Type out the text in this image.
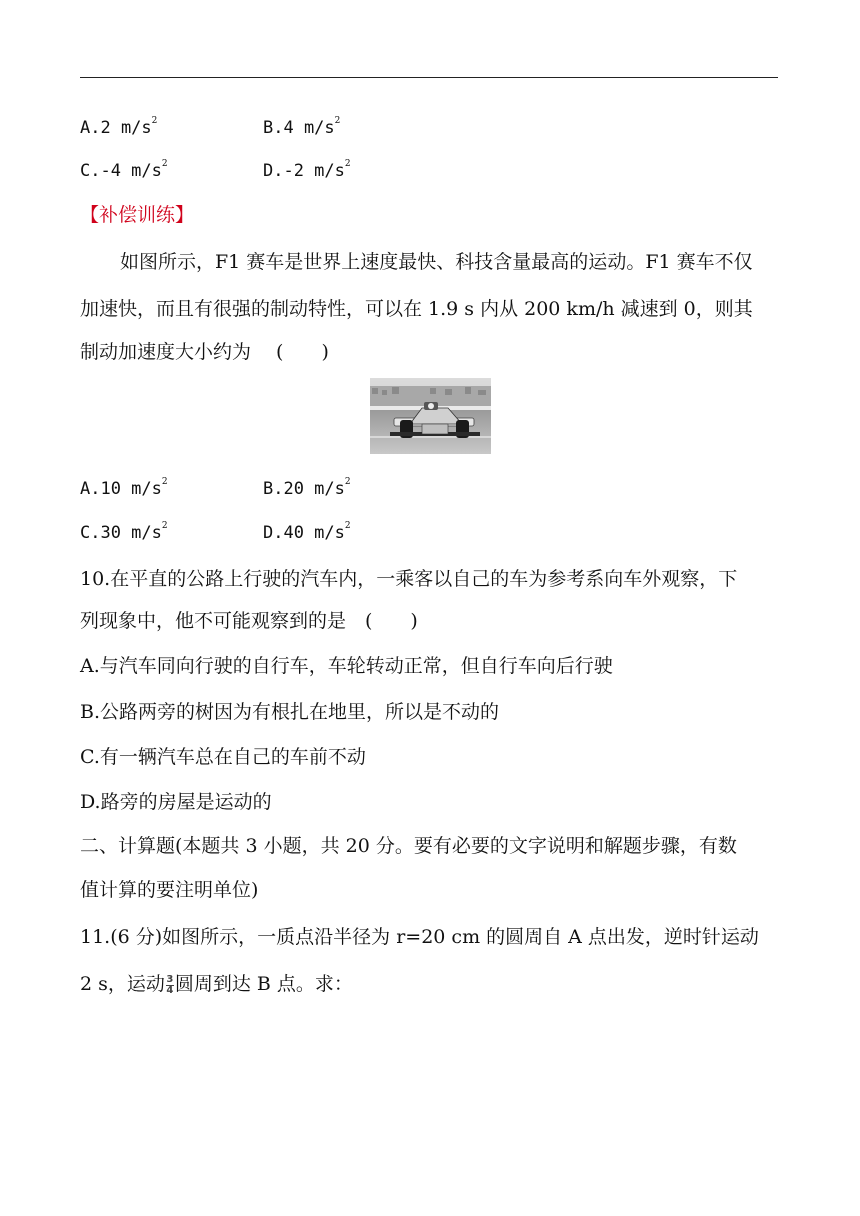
A.2 $m/s^2$	B.4 $m/s^2$
C.-4 $m/s^2$	D.-2 $m/s^2$
【补偿训练】
如图所示，F1 赛车是世界上速度最快、科技含量最高的运动。F1 赛车不仅
加速快，而且有很强的制动特性，可以在 1.9 s 内从 200 km/h 减速到 0，则其
制动加速度大小约为　 (　　)
A.10 $m/s^2$	B.20 $m/s^2$
C.30 $m/s^2$	D.40 $m/s^2$
10.在平直的公路上行驶的汽车内，一乘客以自己的车为参考系向车外观察，下
列现象中，他不可能观察到的是　(　　)
A.与汽车同向行驶的自行车，车轮转动正常，但自行车向后行驶
B.公路两旁的树因为有根扎在地里，所以是不动的
C.有一辆汽车总在自己的车前不动
D.路旁的房屋是运动的
二、计算题(本题共 3 小题，共 20 分。要有必要的文字说明和解题步骤，有数
值计算的要注明单位)
11.(6 分)如图所示，一质点沿半径为 r=20 cm 的圆周自 A 点出发，逆时针运动
2 s，运动 $\frac{3}{4}$ 圆周到达 B 点。求：
